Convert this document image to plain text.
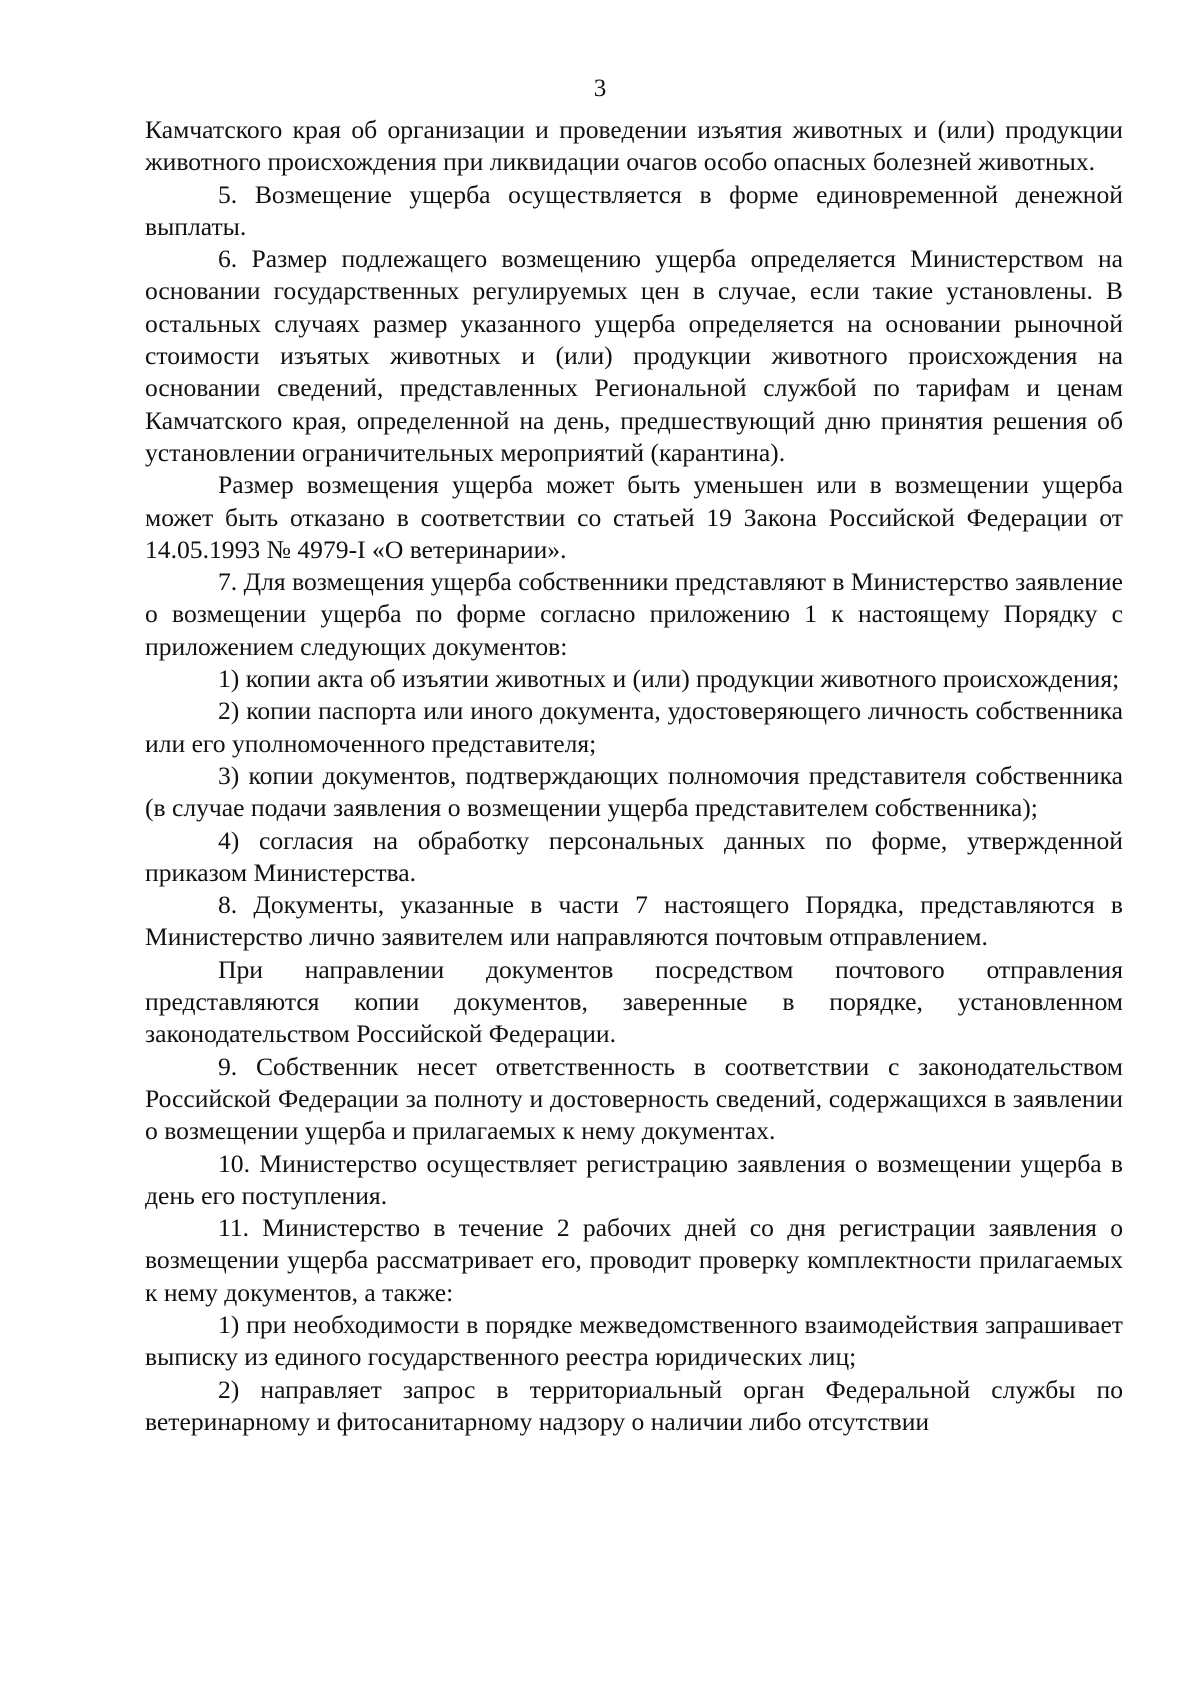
3

Камчатского края об организации и проведении изъятия животных и (или) продукции животного происхождения при ликвидации очагов особо опасных болезней животных.

5. Возмещение ущерба осуществляется в форме единовременной денежной выплаты.

6. Размер подлежащего возмещению ущерба определяется Министерством на основании государственных регулируемых цен в случае, если такие установлены. В остальных случаях размер указанного ущерба определяется на основании рыночной стоимости изъятых животных и (или) продукции животного происхождения на основании сведений, представленных Региональной службой по тарифам и ценам Камчатского края, определенной на день, предшествующий дню принятия решения об установлении ограничительных мероприятий (карантина).

Размер возмещения ущерба может быть уменьшен или в возмещении ущерба может быть отказано в соответствии со статьей 19 Закона Российской Федерации от 14.05.1993 № 4979-I «О ветеринарии».

7. Для возмещения ущерба собственники представляют в Министерство заявление о возмещении ущерба по форме согласно приложению 1 к настоящему Порядку с приложением следующих документов:

1) копии акта об изъятии животных и (или) продукции животного происхождения;

2) копии паспорта или иного документа, удостоверяющего личность собственника или его уполномоченного представителя;

3) копии документов, подтверждающих полномочия представителя собственника (в случае подачи заявления о возмещении ущерба представителем собственника);

4) согласия на обработку персональных данных по форме, утвержденной приказом Министерства.

8. Документы, указанные в части 7 настоящего Порядка, представляются в Министерство лично заявителем или направляются почтовым отправлением.

При направлении документов посредством почтового отправления представляются копии документов, заверенные в порядке, установленном законодательством Российской Федерации.

9. Собственник несет ответственность в соответствии с законодательством Российской Федерации за полноту и достоверность сведений, содержащихся в заявлении о возмещении ущерба и прилагаемых к нему документах.

10. Министерство осуществляет регистрацию заявления о возмещении ущерба в день его поступления.

11. Министерство в течение 2 рабочих дней со дня регистрации заявления о возмещении ущерба рассматривает его, проводит проверку комплектности прилагаемых к нему документов, а также:

1) при необходимости в порядке межведомственного взаимодействия запрашивает выписку из единого государственного реестра юридических лиц;

2) направляет запрос в территориальный орган Федеральной службы по ветеринарному и фитосанитарному надзору о наличии либо отсутствии
